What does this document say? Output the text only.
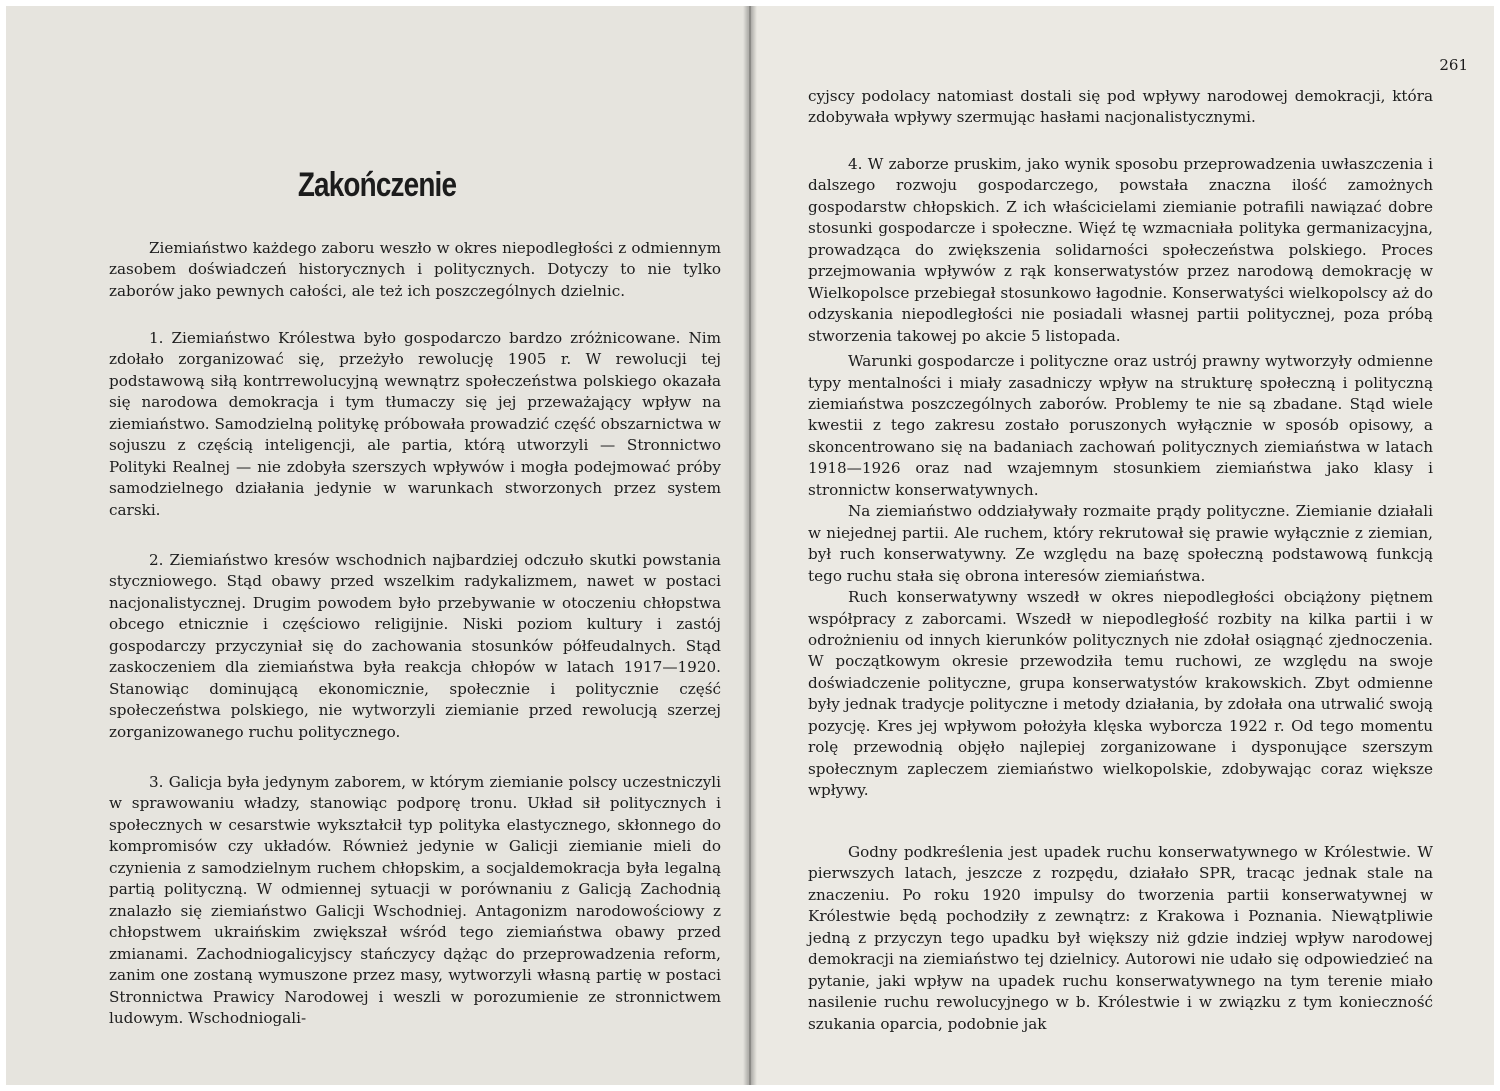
Zakończenie

Ziemiaństwo każdego zaboru weszło w okres niepodległości z odmiennym zasobem doświadczeń historycznych i politycznych. Dotyczy to nie tylko zaborów jako pewnych całości, ale też ich poszczególnych dzielnic.

1. Ziemiaństwo Królestwa było gospodarczo bardzo zróżnicowane. Nim zdołało zorganizować się, przeżyło rewolucję 1905 r. W rewolucji tej podstawową siłą kontrrewolucyjną wewnątrz społeczeństwa polskiego okazała się narodowa demokracja i tym tłumaczy się jej przeważający wpływ na ziemiaństwo. Samodzielną politykę próbowała prowadzić część obszarnictwa w sojuszu z częścią inteligencji, ale partia, którą utworzyli — Stronnictwo Polityki Realnej — nie zdobyła szerszych wpływów i mogła podejmować próby samodzielnego działania jedynie w warunkach stworzonych przez system carski.

2. Ziemiaństwo kresów wschodnich najbardziej odczuło skutki powstania styczniowego. Stąd obawy przed wszelkim radykalizmem, nawet w postaci nacjonalistycznej. Drugim powodem było przebywanie w otoczeniu chłopstwa obcego etnicznie i częściowo religijnie. Niski poziom kultury i zastój gospodarczy przyczyniał się do zachowania stosunków półfeudalnych. Stąd zaskoczeniem dla ziemiaństwa była reakcja chłopów w latach 1917—1920. Stanowiąc dominującą ekonomicznie, społecznie i politycznie część społeczeństwa polskiego, nie wytworzyli ziemianie przed rewolucją szerzej zorganizowanego ruchu politycznego.

3. Galicja była jedynym zaborem, w którym ziemianie polscy uczestniczyli w sprawowaniu władzy, stanowiąc podporę tronu. Układ sił politycznych i społecznych w cesarstwie wykształcił typ polityka elastycznego, skłonnego do kompromisów czy układów. Również jedynie w Galicji ziemianie mieli do czynienia z samodzielnym ruchem chłopskim, a socjaldemokracja była legalną partią polityczną. W odmiennej sytuacji w porównaniu z Galicją Zachodnią znalazło się ziemiaństwo Galicji Wschodniej. Antagonizm narodowościowy z chłopstwem ukraińskim zwiększał wśród tego ziemiaństwa obawy przed zmianami. Zachodniogalicyjscy stańczycy dążąc do przeprowadzenia reform, zanim one zostaną wymuszone przez masy, wytworzyli własną partię w postaci Stronnictwa Prawicy Narodowej i weszli w porozumienie ze stronnictwem ludowym. Wschodniogali-

261

cyjscy podolacy natomiast dostali się pod wpływy narodowej demokracji, która zdobywała wpływy szermując hasłami nacjonalistycznymi.

4. W zaborze pruskim, jako wynik sposobu przeprowadzenia uwłaszczenia i dalszego rozwoju gospodarczego, powstała znaczna ilość zamożnych gospodarstw chłopskich. Z ich właścicielami ziemianie potrafili nawiązać dobre stosunki gospodarcze i społeczne. Więź tę wzmacniała polityka germanizacyjna, prowadząca do zwiększenia solidarności społeczeństwa polskiego. Proces przejmowania wpływów z rąk konserwatystów przez narodową demokrację w Wielkopolsce przebiegał stosunkowo łagodnie. Konserwatyści wielkopolscy aż do odzyskania niepodległości nie posiadali własnej partii politycznej, poza próbą stworzenia takowej po akcie 5 listopada.

Warunki gospodarcze i polityczne oraz ustrój prawny wytworzyły odmienne typy mentalności i miały zasadniczy wpływ na strukturę społeczną i polityczną ziemiaństwa poszczególnych zaborów. Problemy te nie są zbadane. Stąd wiele kwestii z tego zakresu zostało poruszonych wyłącznie w sposób opisowy, a skoncentrowano się na badaniach zachowań politycznych ziemiaństwa w latach 1918—1926 oraz nad wzajemnym stosunkiem ziemiaństwa jako klasy i stronnictw konserwatywnych.

Na ziemiaństwo oddziaływały rozmaite prądy polityczne. Ziemianie działali w niejednej partii. Ale ruchem, który rekrutował się prawie wyłącznie z ziemian, był ruch konserwatywny. Ze względu na bazę społeczną podstawową funkcją tego ruchu stała się obrona interesów ziemiaństwa.

Ruch konserwatywny wszedł w okres niepodległości obciążony piętnem współpracy z zaborcami. Wszedł w niepodległość rozbity na kilka partii i w odrożnieniu od innych kierunków politycznych nie zdołał osiągnąć zjednoczenia. W początkowym okresie przewodziła temu ruchowi, ze względu na swoje doświadczenie polityczne, grupa konserwatystów krakowskich. Zbyt odmienne były jednak tradycje polityczne i metody działania, by zdołała ona utrwalić swoją pozycję. Kres jej wpływom położyła klęska wyborcza 1922 r. Od tego momentu rolę przewodnią objęło najlepiej zorganizowane i dysponujące szerszym społecznym zapleczem ziemiaństwo wielkopolskie, zdobywając coraz większe wpływy.

Godny podkreślenia jest upadek ruchu konserwatywnego w Królestwie. W pierwszych latach, jeszcze z rozpędu, działało SPR, tracąc jednak stale na znaczeniu. Po roku 1920 impulsy do tworzenia partii konserwatywnej w Królestwie będą pochodziły z zewnątrz: z Krakowa i Poznania. Niewątpliwie jedną z przyczyn tego upadku był większy niż gdzie indziej wpływ narodowej demokracji na ziemiaństwo tej dzielnicy. Autorowi nie udało się odpowiedzieć na pytanie, jaki wpływ na upadek ruchu konserwatywnego na tym terenie miało nasilenie ruchu rewolucyjnego w b. Królestwie i w związku z tym konieczność szukania oparcia, podobnie jak
